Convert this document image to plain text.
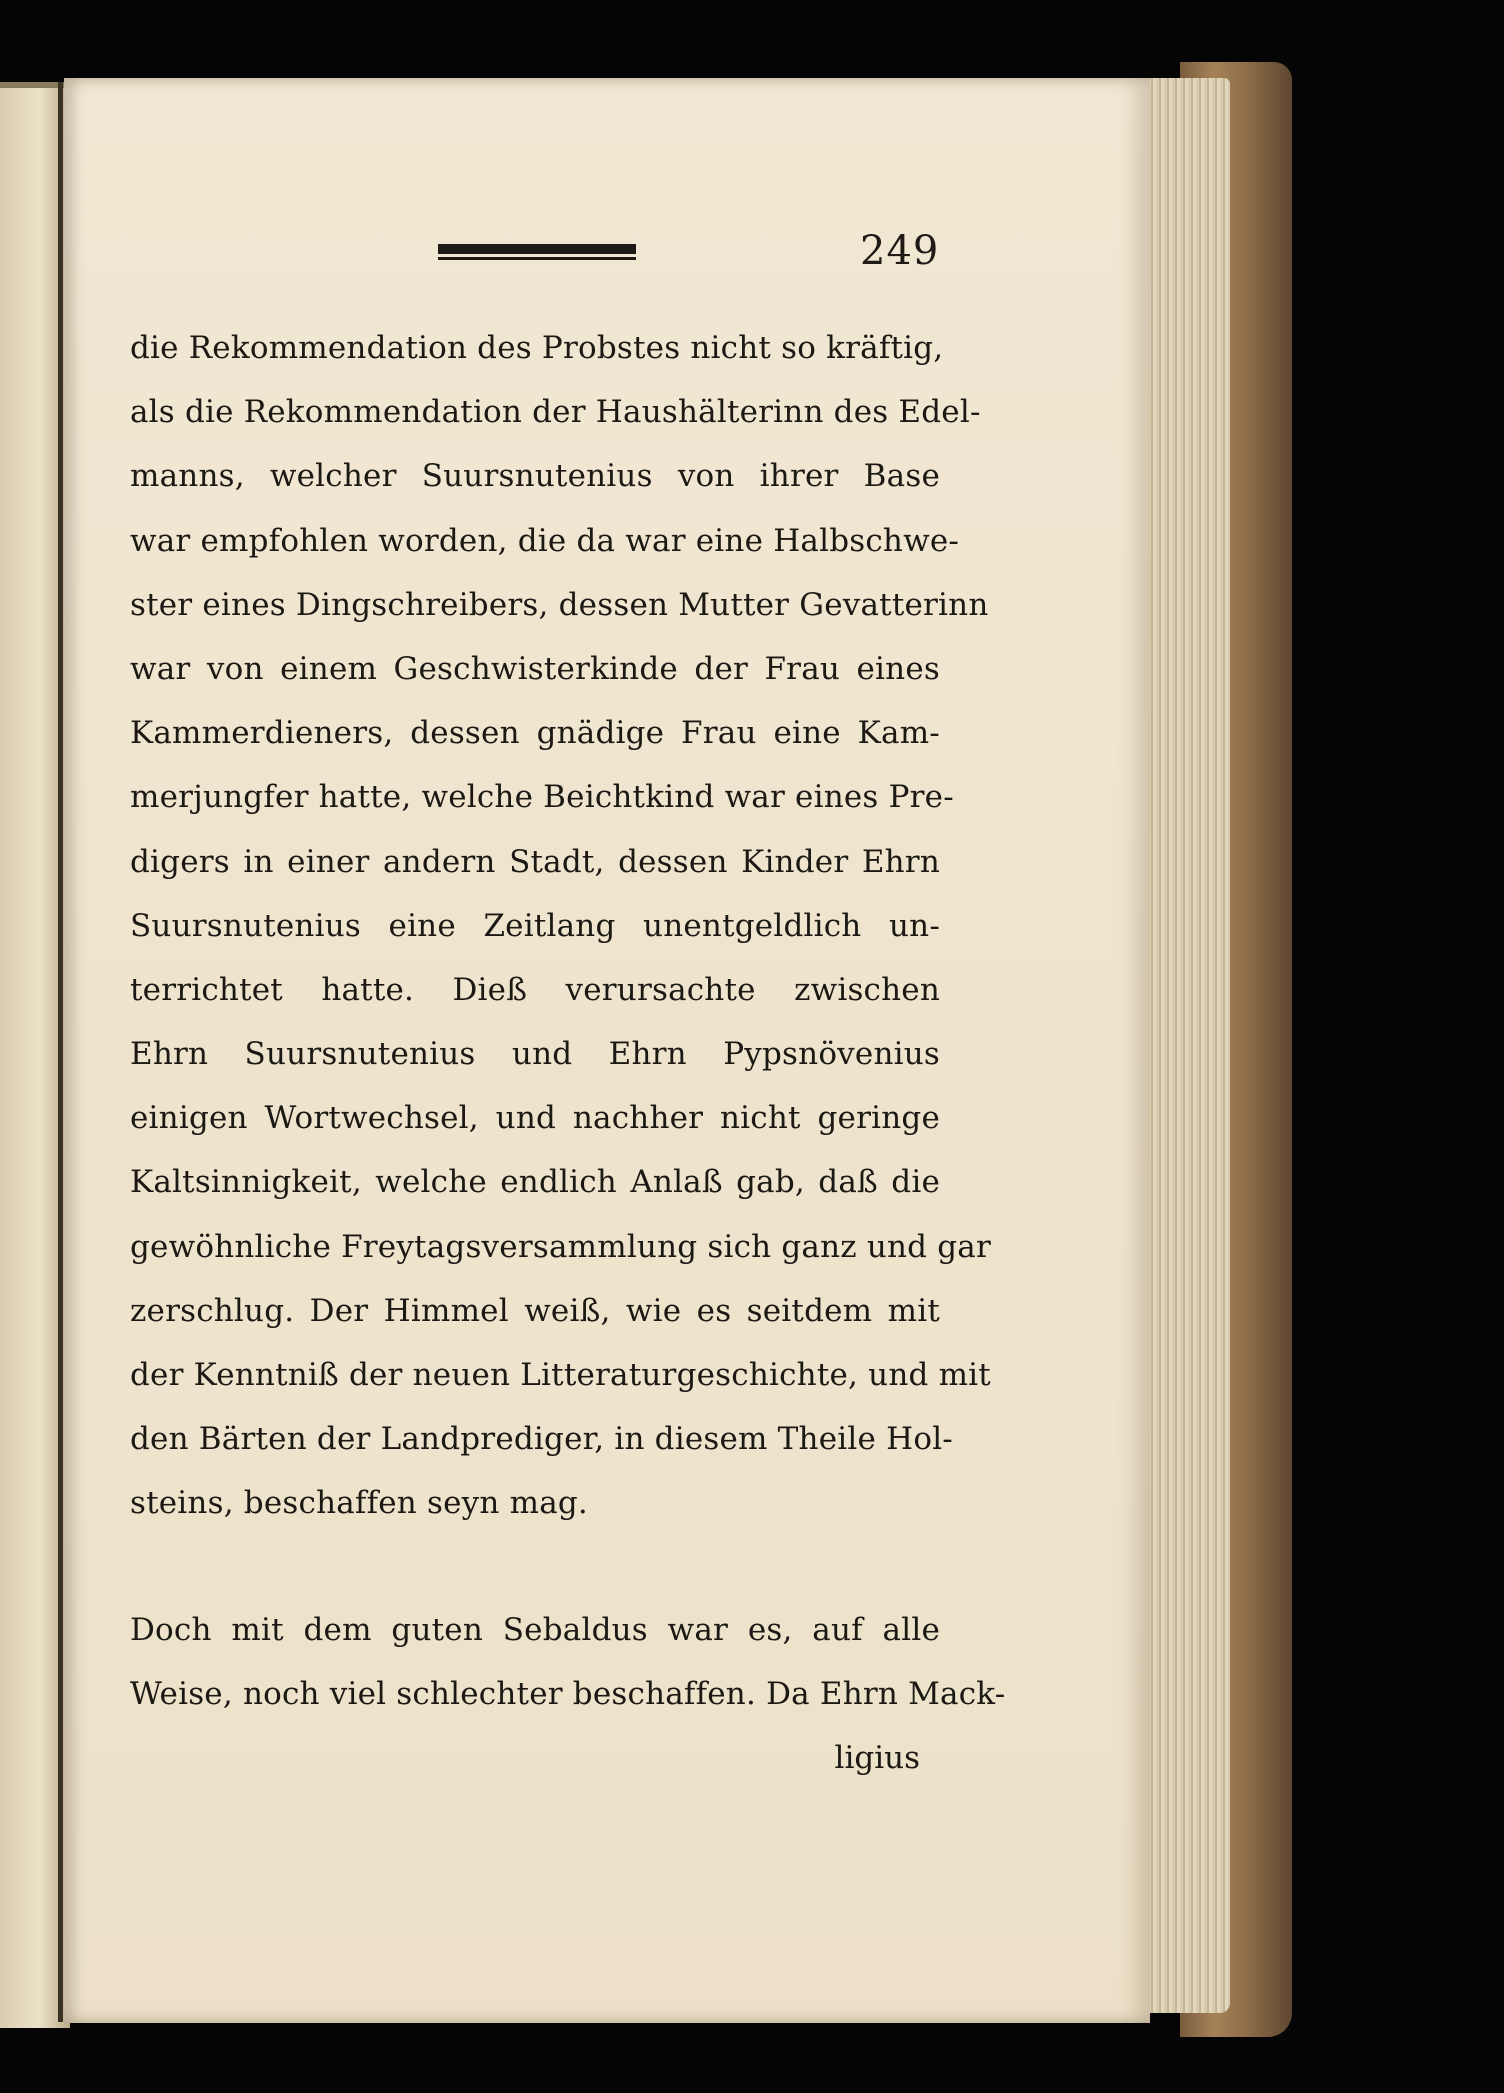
249
die Rekommendation des Probstes nicht so kräftig,
als die Rekommendation der Haushälterinn des Edel-
manns, welcher Suursnutenius von ihrer Base
war empfohlen worden, die da war eine Halbschwe-
ster eines Dingschreibers, dessen Mutter Gevatterinn
war von einem Geschwisterkinde der Frau eines
Kammerdieners, dessen gnädige Frau eine Kam-
merjungfer hatte, welche Beichtkind war eines Pre-
digers in einer andern Stadt, dessen Kinder Ehrn
Suursnutenius eine Zeitlang unentgeldlich un-
terrichtet hatte. Dieß verursachte zwischen
Ehrn Suursnutenius und Ehrn Pypsnövenius
einigen Wortwechsel, und nachher nicht geringe
Kaltsinnigkeit, welche endlich Anlaß gab, daß die
gewöhnliche Freytagsversammlung sich ganz und gar
zerschlug. Der Himmel weiß, wie es seitdem mit
der Kenntniß der neuen Litteraturgeschichte, und mit
den Bärten der Landprediger, in diesem Theile Hol-
steins, beschaffen seyn mag.
Doch mit dem guten Sebaldus war es, auf alle
Weise, noch viel schlechter beschaffen. Da Ehrn Mack-
ligius
